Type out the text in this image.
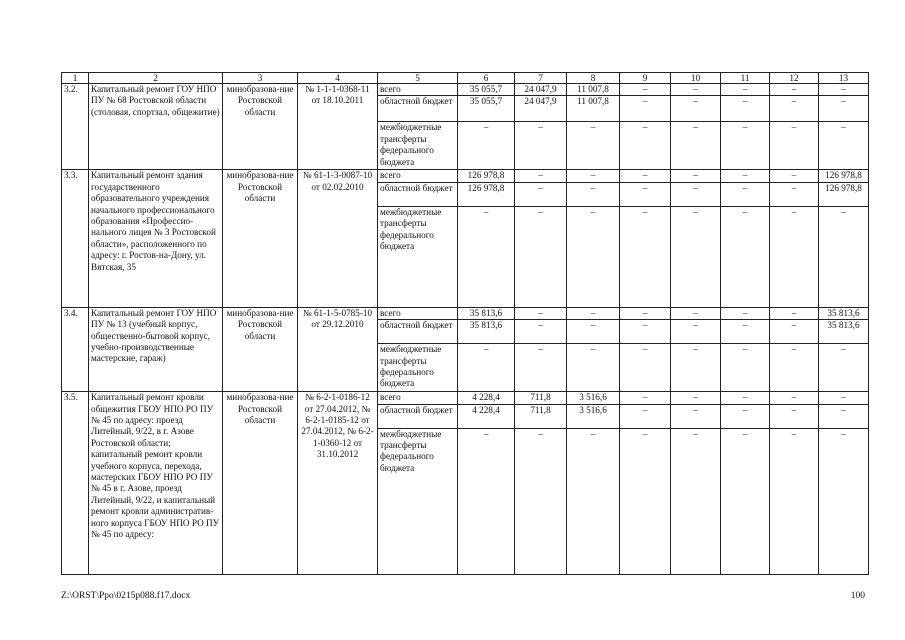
1	2	3	4	5	6	7	8	9	10	11	12	13
3.2.	Капитальный ремонт ГОУ НПО ПУ № 68 Ростовской области (столовая, спортзал, общежитие)	минобразова-ние Ростовской области	№ 1-1-1-0368-11 от 18.10.2011	всего	35 055,7	24 047,9	11 007,8	–	–	–	–	–
				областной бюджет	35 055,7	24 047,9	11 007,8	–	–	–	–	–
				межбюджетные трансферты федерального бюджета	–	–	–	–	–	–	–	–
3.3.	Капитальный ремонт здания государственного образовательного учреждения начального профессионального образования «Профессио-нального лицея № 3 Ростовской области», расположенного по адресу: г. Ростов-на-Дону, ул. Вятская, 35	минобразова-ние Ростовской области	№ 61-1-3-0087-10 от 02.02.2010	всего	126 978,8	–	–	–	–	–	–	126 978,8
				областной бюджет	126 978,8	–	–	–	–	–	–	126 978,8
				межбюджетные трансферты федерального бюджета	–	–	–	–	–	–	–	–
3.4.	Капитальный ремонт ГОУ НПО ПУ № 13 (учебный корпус, общественно-бытовой корпус, учебно-производственные мастерские, гараж)	минобразова-ние Ростовской области	№ 61-1-5-0785-10 от 29.12.2010	всего	35 813,6	–	–	–	–	–	–	35 813,6
				областной бюджет	35 813,6	–	–	–	–	–	–	35 813,6
				межбюджетные трансферты федерального бюджета	–	–	–	–	–	–	–	–
3.5.	Капитальный ремонт кровли общежития ГБОУ НПО РО ПУ № 45 по адресу: проезд Литейный, 9/22, в г. Азове Ростовской области; капитальный ремонт кровли учебного корпуса, перехода, мастерских ГБОУ НПО РО ПУ № 45 в г. Азове, проезд Литейный, 9/22, и капитальный ремонт кровли административ-ного корпуса ГБОУ НПО РО ПУ № 45 по адресу:	минобразова-ние Ростовской области	№ 6-2-1-0186-12 от 27.04.2012, № 6-2-1-0185-12 от 27.04.2012, № 6-2-1-0360-12 от 31.10.2012	всего	4 228,4	711,8	3 516,6	–	–	–	–	–
				областной бюджет	4 228,4	711,8	3 516,6	–	–	–	–	–
				межбюджетные трансферты федерального бюджета	–	–	–	–	–	–	–	–
Z:\ORST\Ppo\0215p088.f17.docx	100
